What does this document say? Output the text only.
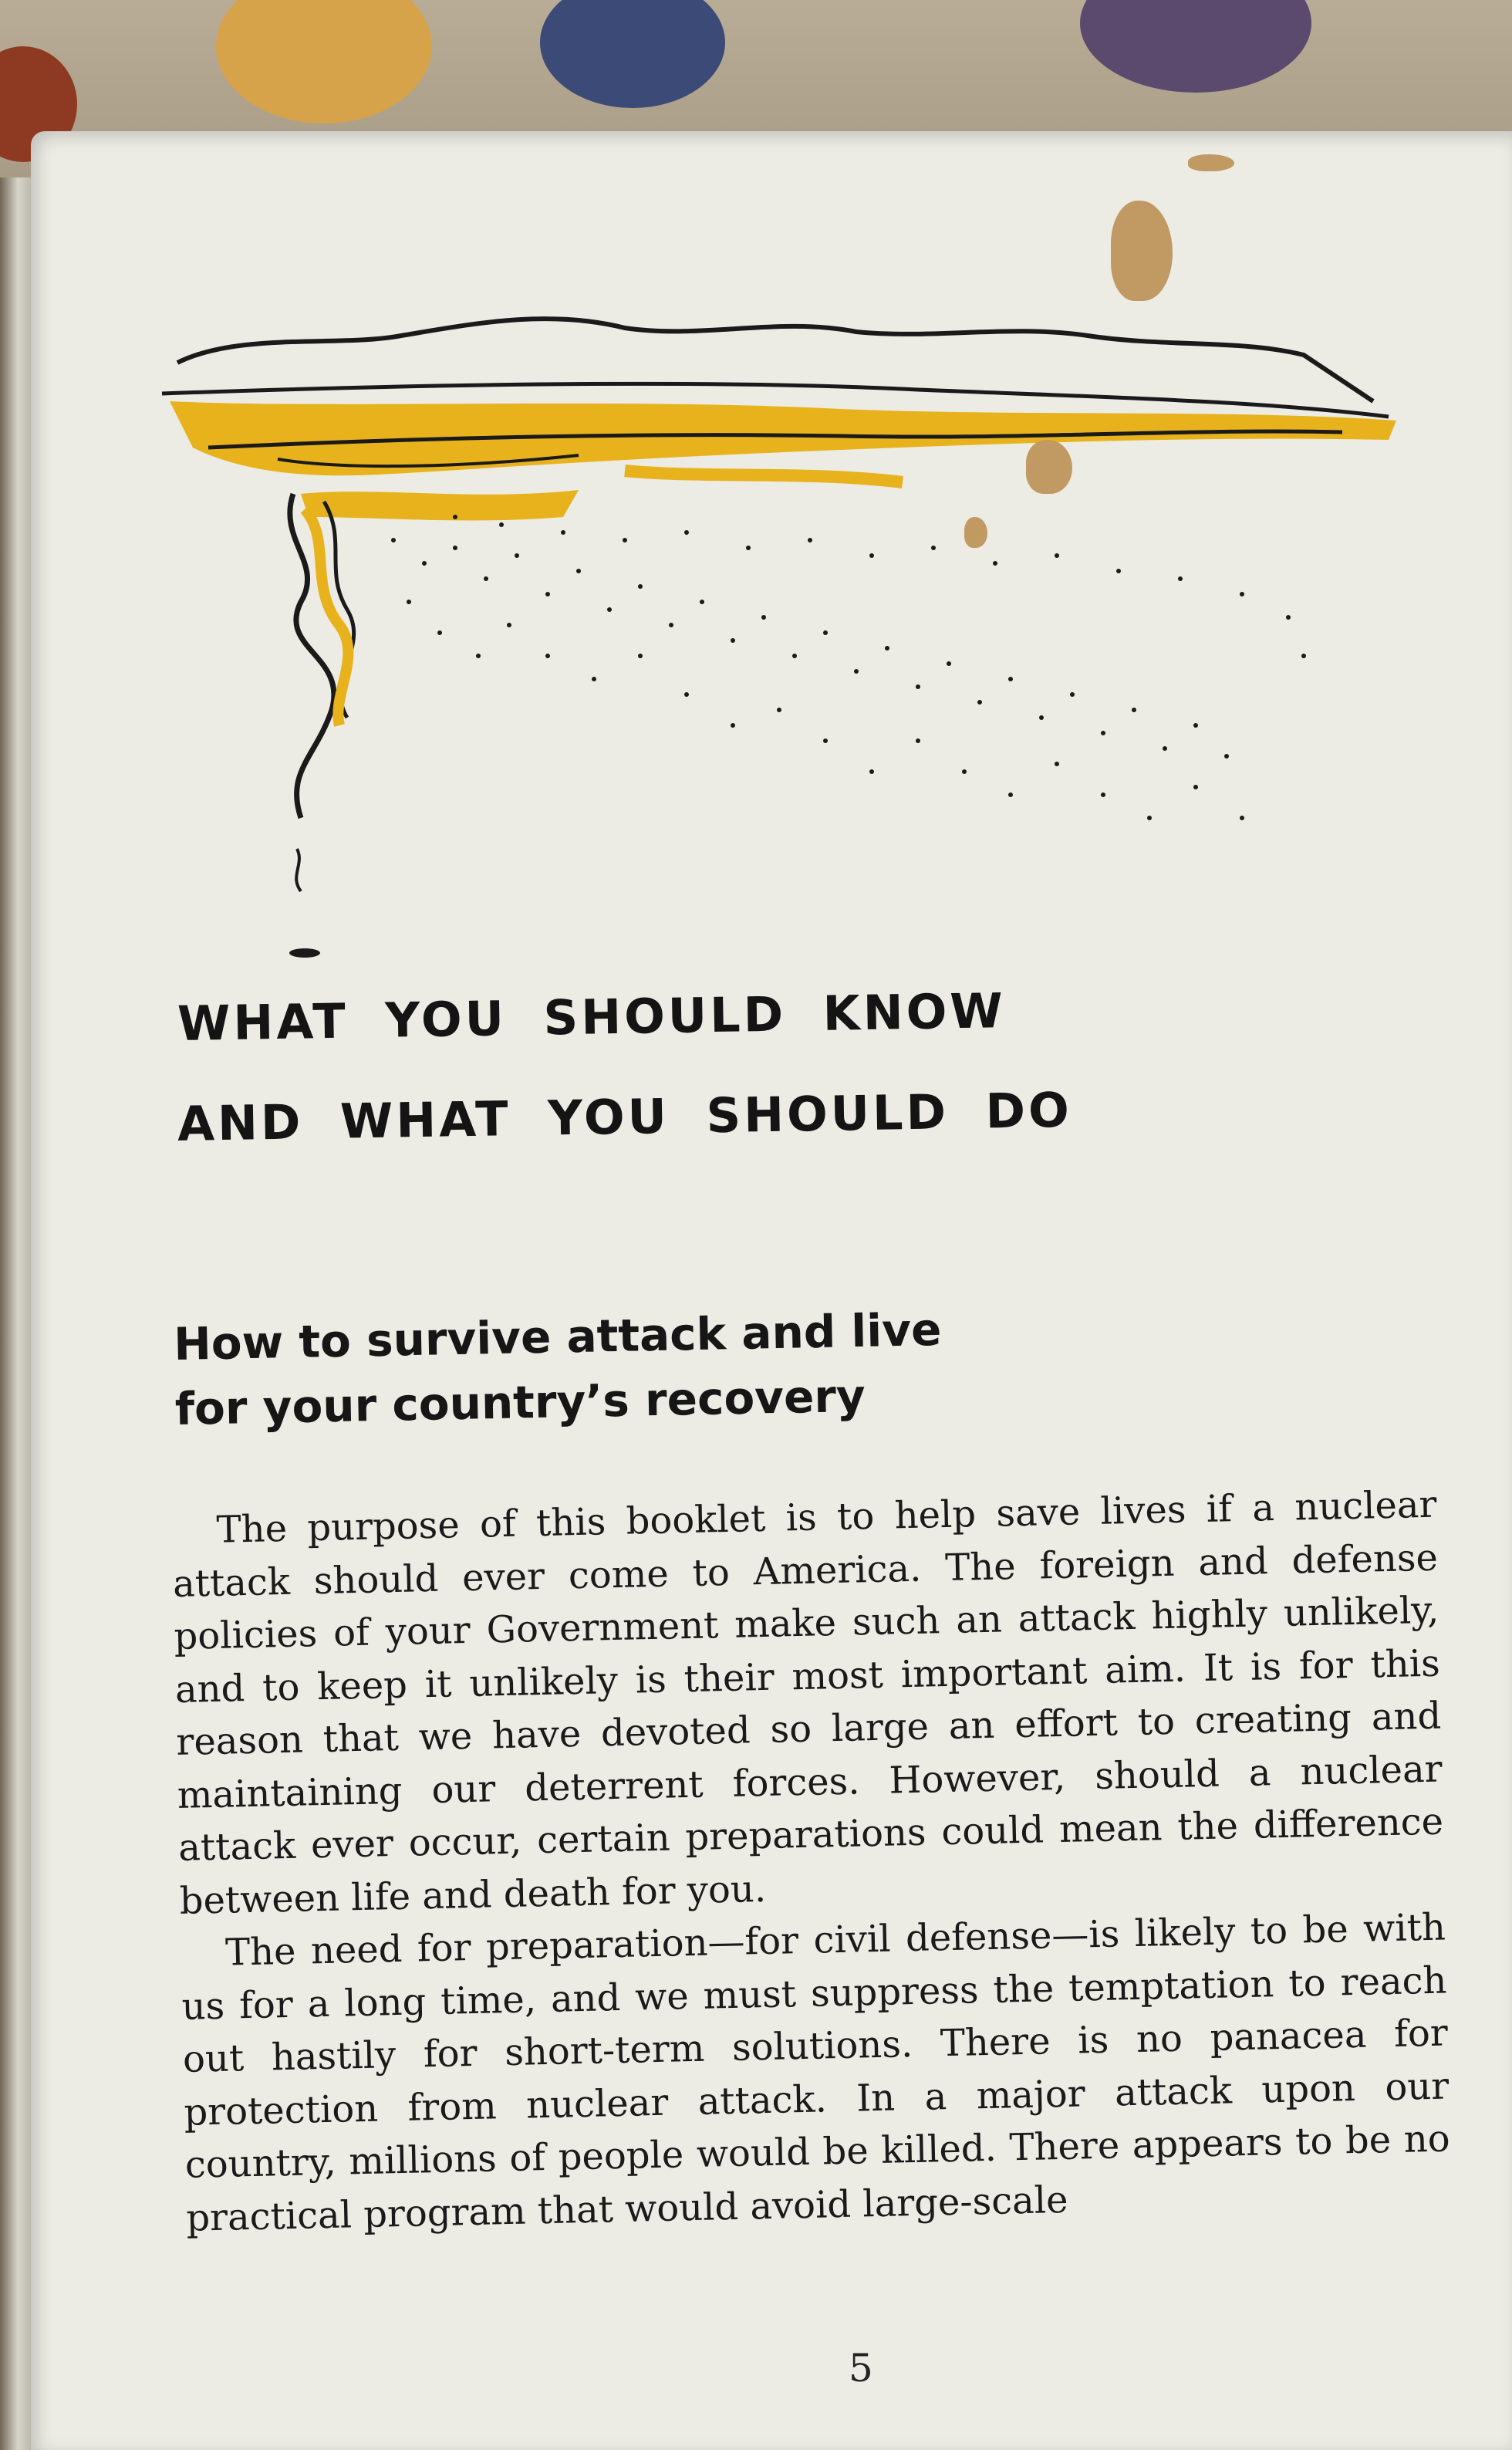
WHAT YOU SHOULD KNOW
AND WHAT YOU SHOULD DO
How to survive attack and live
for your country’s recovery

The purpose of this booklet is to help save lives if a nuclear attack should ever come to America. The foreign and defense policies of your Government make such an attack highly unlikely, and to keep it unlikely is their most important aim. It is for this reason that we have devoted so large an effort to creating and maintaining our deterrent forces. However, should a nuclear attack ever occur, certain preparations could mean the difference between life and death for you.

The need for preparation—for civil defense—is likely to be with us for a long time, and we must suppress the temptation to reach out hastily for short-term solutions. There is no panacea for protection from nuclear attack. In a major attack upon our country, millions of people would be killed. There appears to be no practical program that would avoid large-scale

5
